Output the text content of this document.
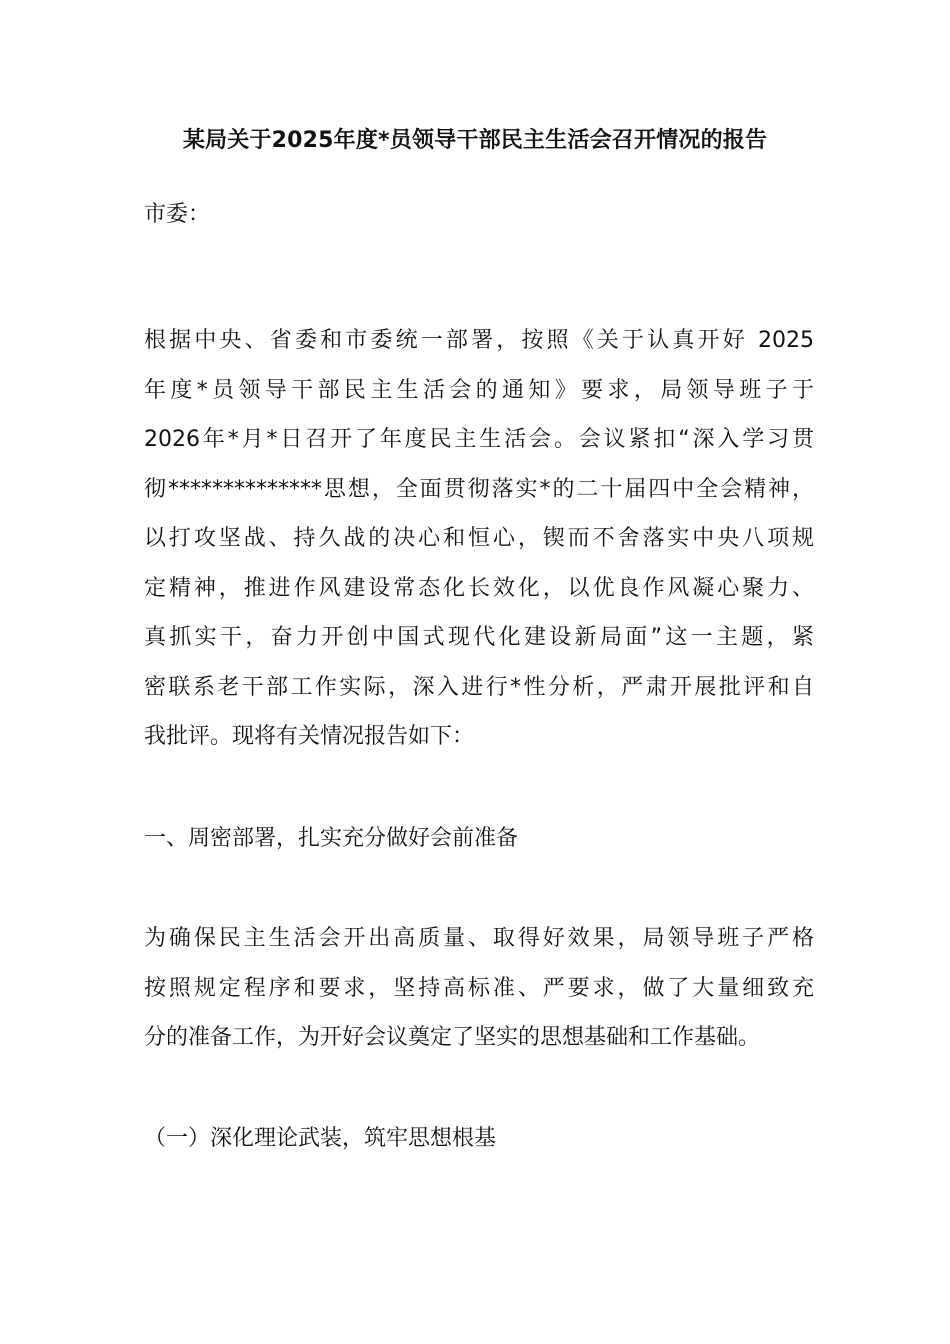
某局关于2025年度*员领导干部民主生活会召开情况的报告
市委：
根据中央、省委和市委统一部署，按照《关于认真开好 2025
年度*员领导干部民主生活会的通知》要求，局领导班子于
2026年*月*日召开了年度民主生活会。会议紧扣“深入学习贯
彻**************思想，全面贯彻落实*的二十届四中全会精神，
以打攻坚战、持久战的决心和恒心，锲而不舍落实中央八项规
定精神，推进作风建设常态化长效化，以优良作风凝心聚力、
真抓实干，奋力开创中国式现代化建设新局面”这一主题，紧
密联系老干部工作实际，深入进行*性分析，严肃开展批评和自
我批评。现将有关情况报告如下：
一、周密部署，扎实充分做好会前准备
为确保民主生活会开出高质量、取得好效果，局领导班子严格
按照规定程序和要求，坚持高标准、严要求，做了大量细致充
分的准备工作，为开好会议奠定了坚实的思想基础和工作基础。
（一）深化理论武装，筑牢思想根基
